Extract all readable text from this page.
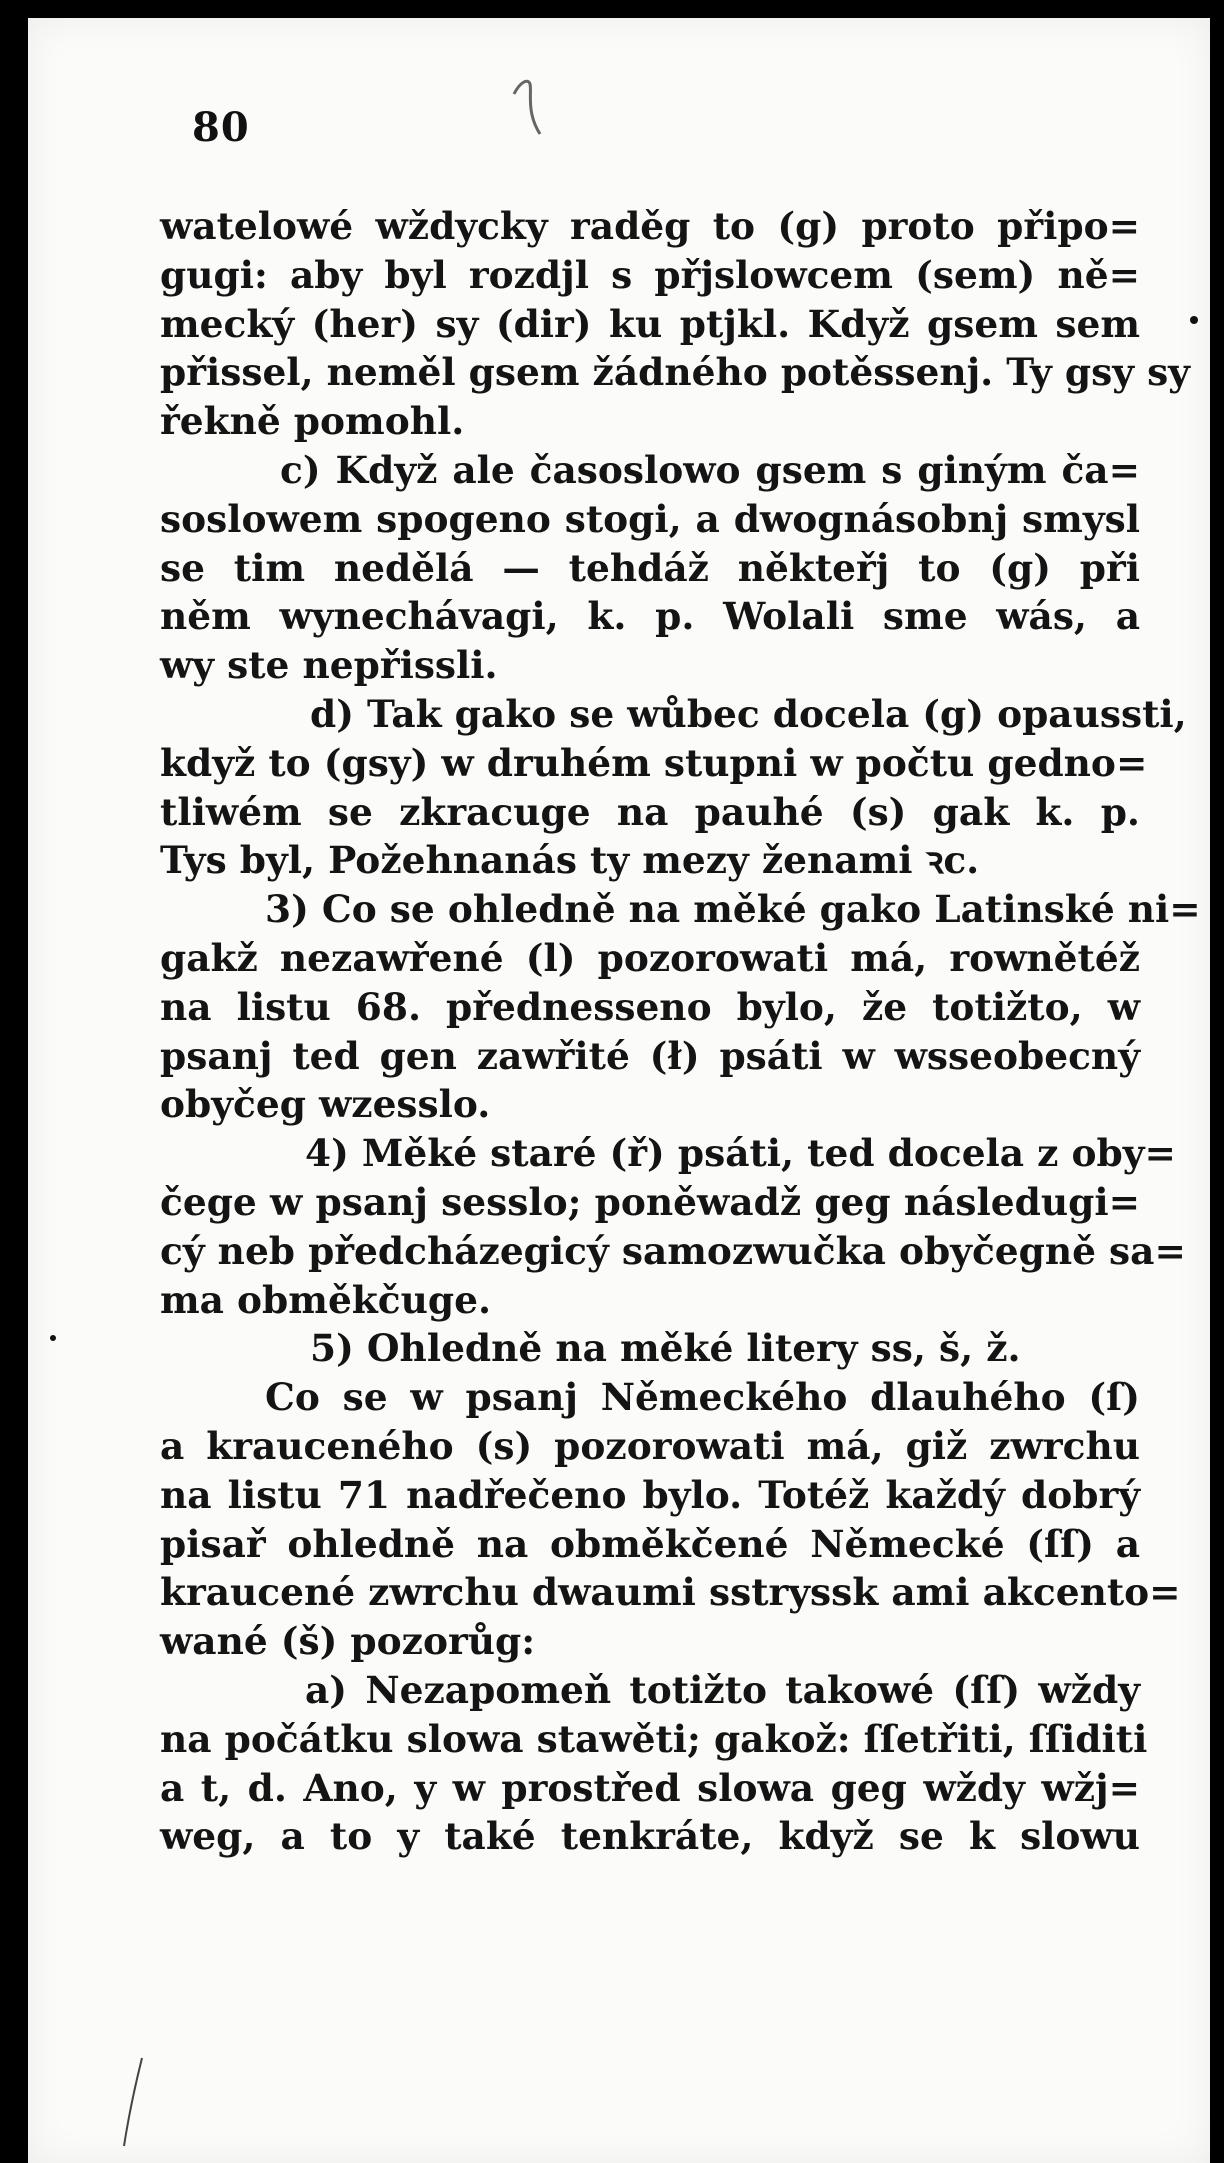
80
watelowé wždycky raděg to (g) proto připo=
gugi: aby byl rozdjl s přjslowcem (sem) ně=
mecký (her) sy (dir) ku ptjkl. Když gsem sem
přissel, neměl gsem žádného potěssenj. Ty gsy sy
řekně pomohl.
c) Když ale časoslowo gsem s giným ča=
soslowem spogeno stogi, a dwognásobnj smysl
se tim nedělá — tehdáž někteřj to (g) při
něm wynechávagi, k. p. Wolali sme wás, a
wy ste nepřissli.
d) Tak gako se wůbec docela (g) opaussti,
když to (gsy) w druhém stupni w počtu gedno=
tliwém se zkracuge na pauhé (s) gak k. p.
Tys byl, Požehnanás ty mezy ženami ꝛc.
3) Co se ohledně na měké gako Latinské ni=
gakž nezawřené (l) pozorowati má, rownětéž
na listu 68. přednesseno bylo, že totižto, w
psanj ted gen zawřité (ł) psáti w wsseobecný
obyčeg wzesslo.
4) Měké staré (ř) psáti, ted docela z oby=
čege w psanj sesslo; poněwadž geg následugi=
cý neb předcházegicý samozwučka obyčegně sa=
ma obměkčuge.
5) Ohledně na měké litery ss, š, ž.
Co se w psanj Německého dlauhého (ſ)
a krauceného (s) pozorowati má, giž zwrchu
na listu 71 nadřečeno bylo. Totéž každý dobrý
pisař ohledně na obměkčené Německé (ſſ) a
kraucené zwrchu dwaumi sstryssk ami akcento=
wané (š) pozorůg:
a) Nezapomeň totižto takowé (ſſ) wždy
na počátku slowa stawěti; gakož: ſſetřiti, ſſiditi
a t, d. Ano, y w prostřed slowa geg wždy wžj=
weg, a to y také tenkráte, když se k slowu
